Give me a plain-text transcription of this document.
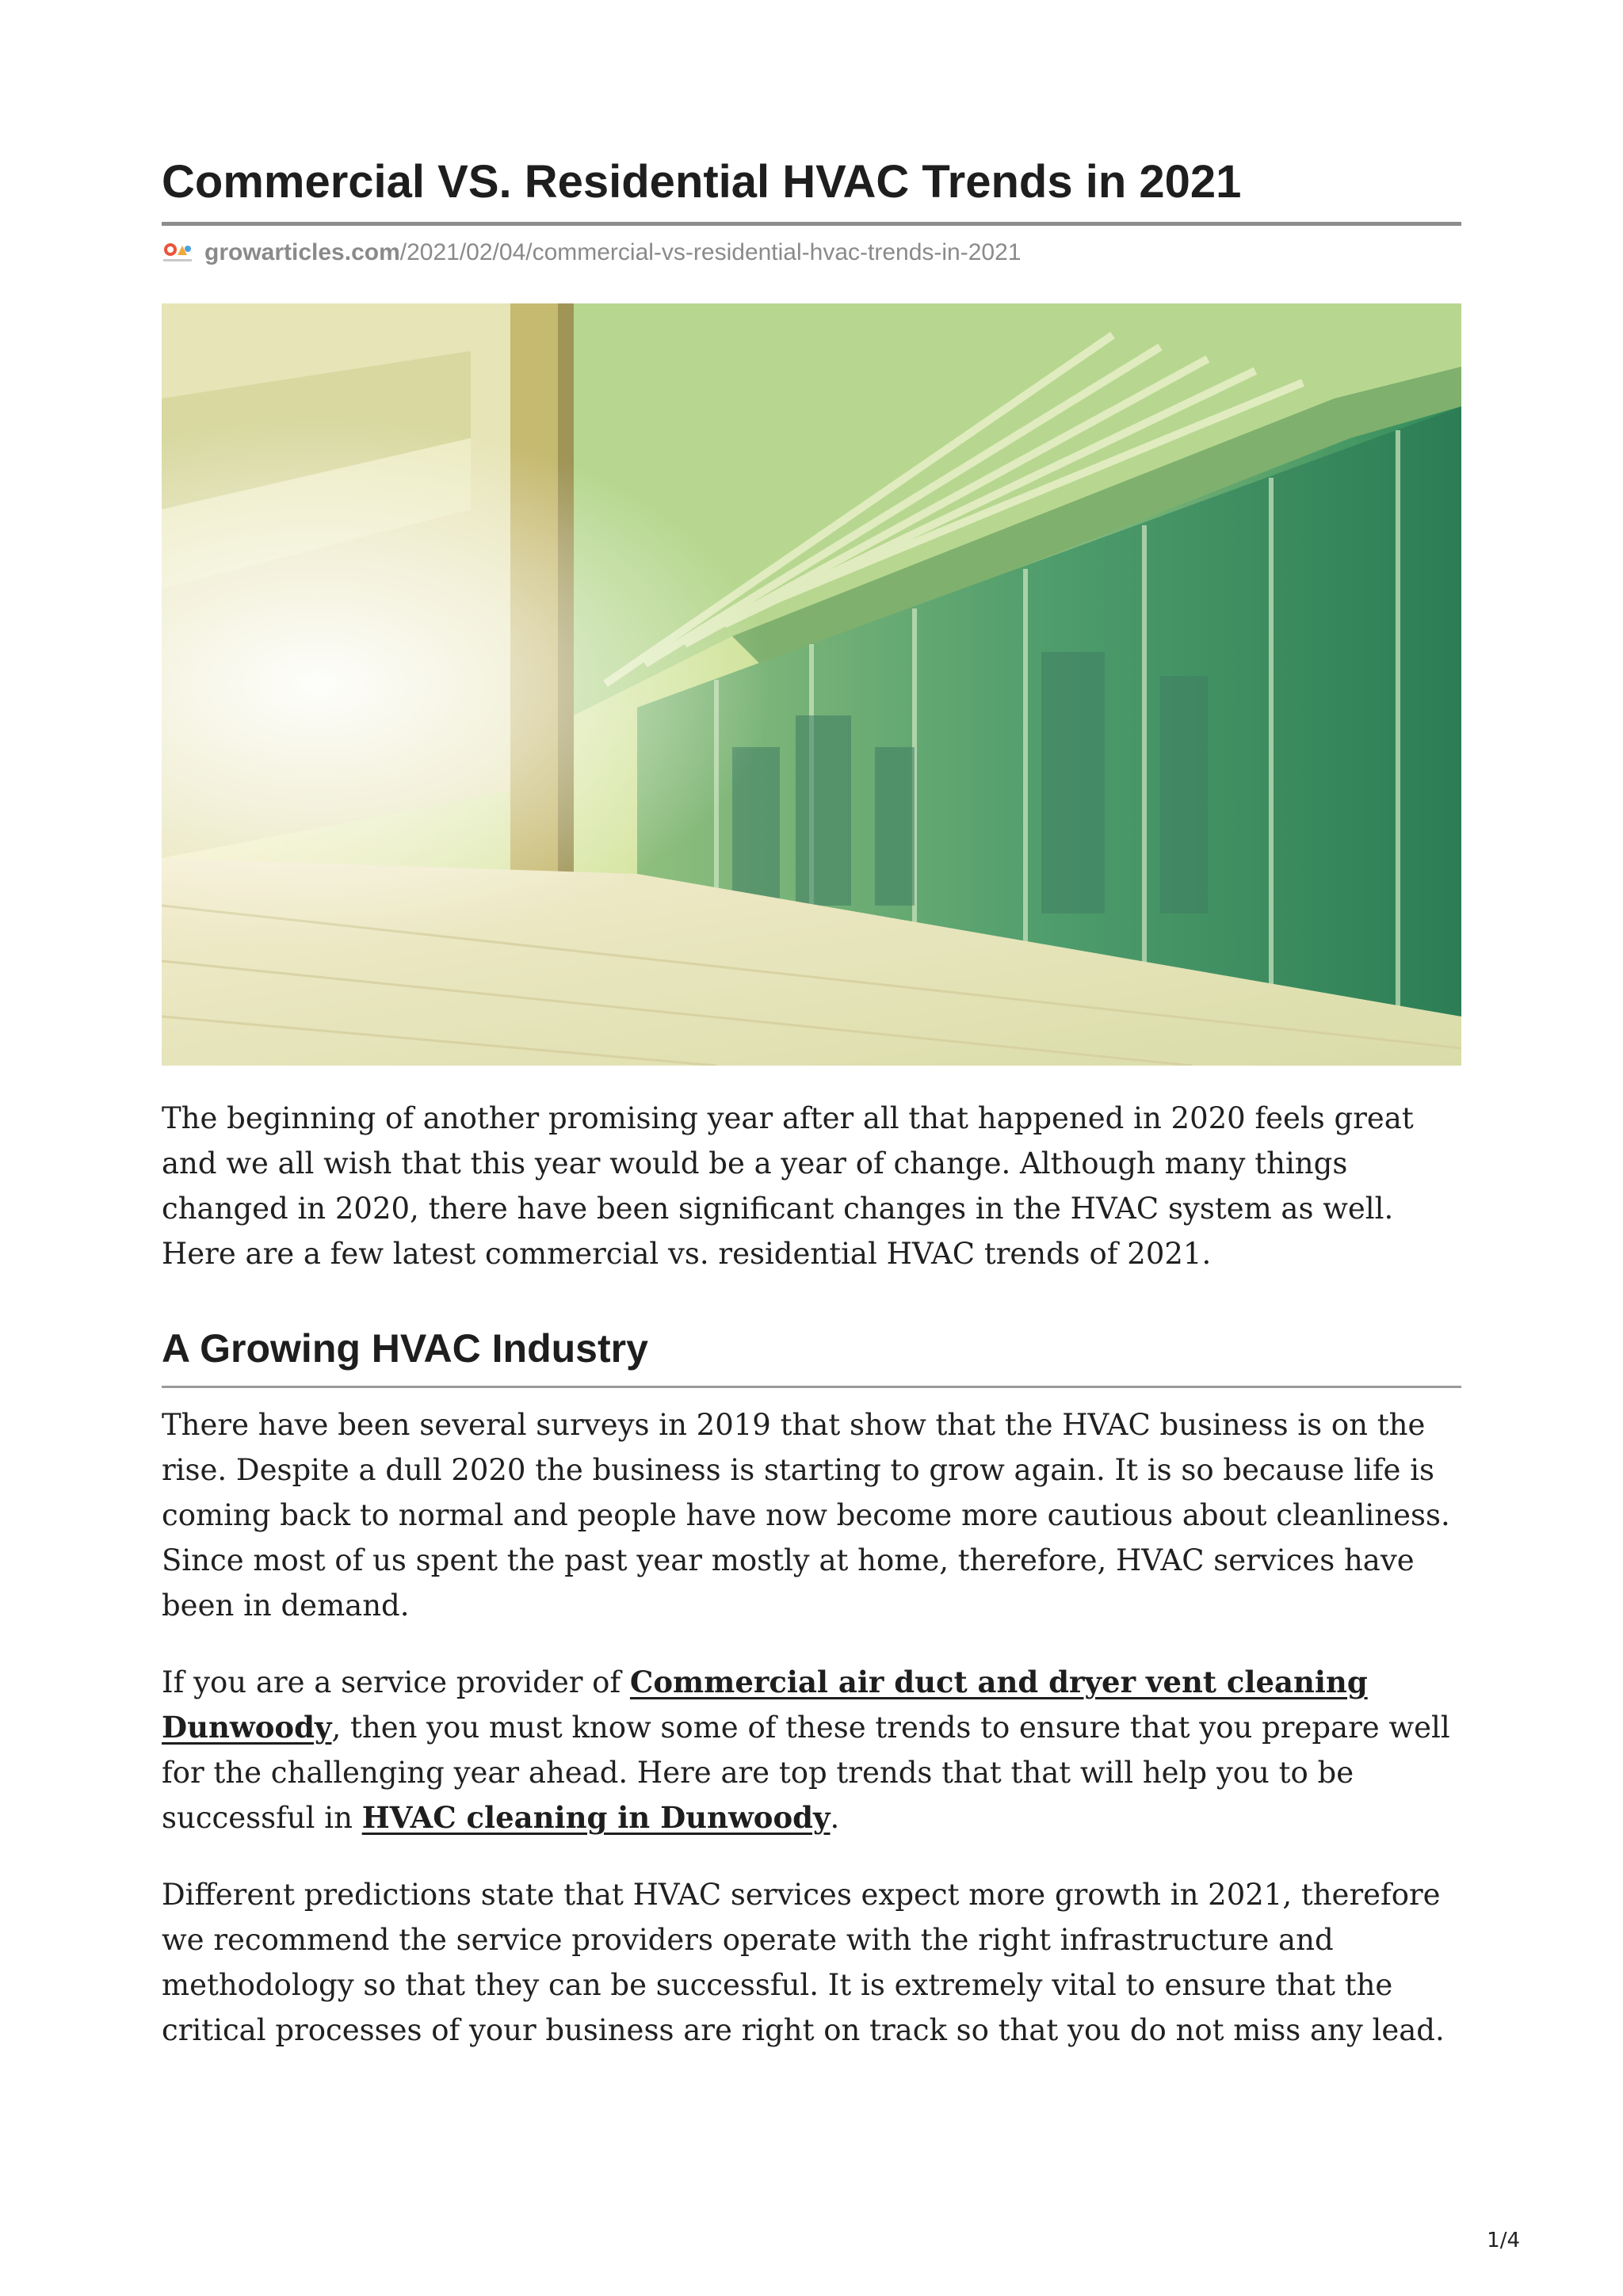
Commercial VS. Residential HVAC Trends in 2021
growarticles.com /2021/02/04/commercial-vs-residential-hvac-trends-in-2021

The beginning of another promising year after all that happened in 2020 feels great and we all wish that this year would be a year of change. Although many things changed in 2020, there have been significant changes in the HVAC system as well. Here are a few latest commercial vs. residential HVAC trends of 2021.

A Growing HVAC Industry

There have been several surveys in 2019 that show that the HVAC business is on the rise. Despite a dull 2020 the business is starting to grow again. It is so because life is coming back to normal and people have now become more cautious about cleanliness. Since most of us spent the past year mostly at home, therefore, HVAC services have been in demand.

If you are a service provider of Commercial air duct and dryer vent cleaning Dunwoody, then you must know some of these trends to ensure that you prepare well for the challenging year ahead. Here are top trends that that will help you to be successful in HVAC cleaning in Dunwoody.

Different predictions state that HVAC services expect more growth in 2021, therefore we recommend the service providers operate with the right infrastructure and methodology so that they can be successful. It is extremely vital to ensure that the critical processes of your business are right on track so that you do not miss any lead.

1/4
